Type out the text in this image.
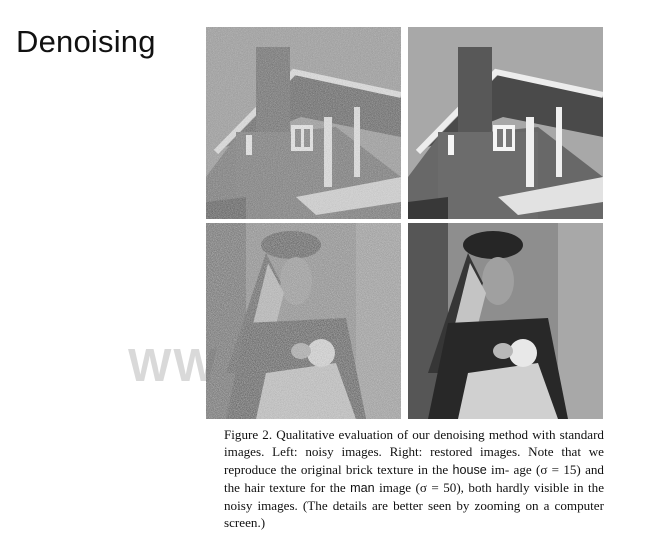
Denoising
WW
Figure 2. Qualitative evaluation of our denoising method with standard images. Left: noisy images. Right: restored images. Note that we reproduce the original brick texture in the house im- age (σ = 15) and the hair texture for the man image (σ = 50), both hardly visible in the noisy images. (The details are better seen by zooming on a computer screen.)
